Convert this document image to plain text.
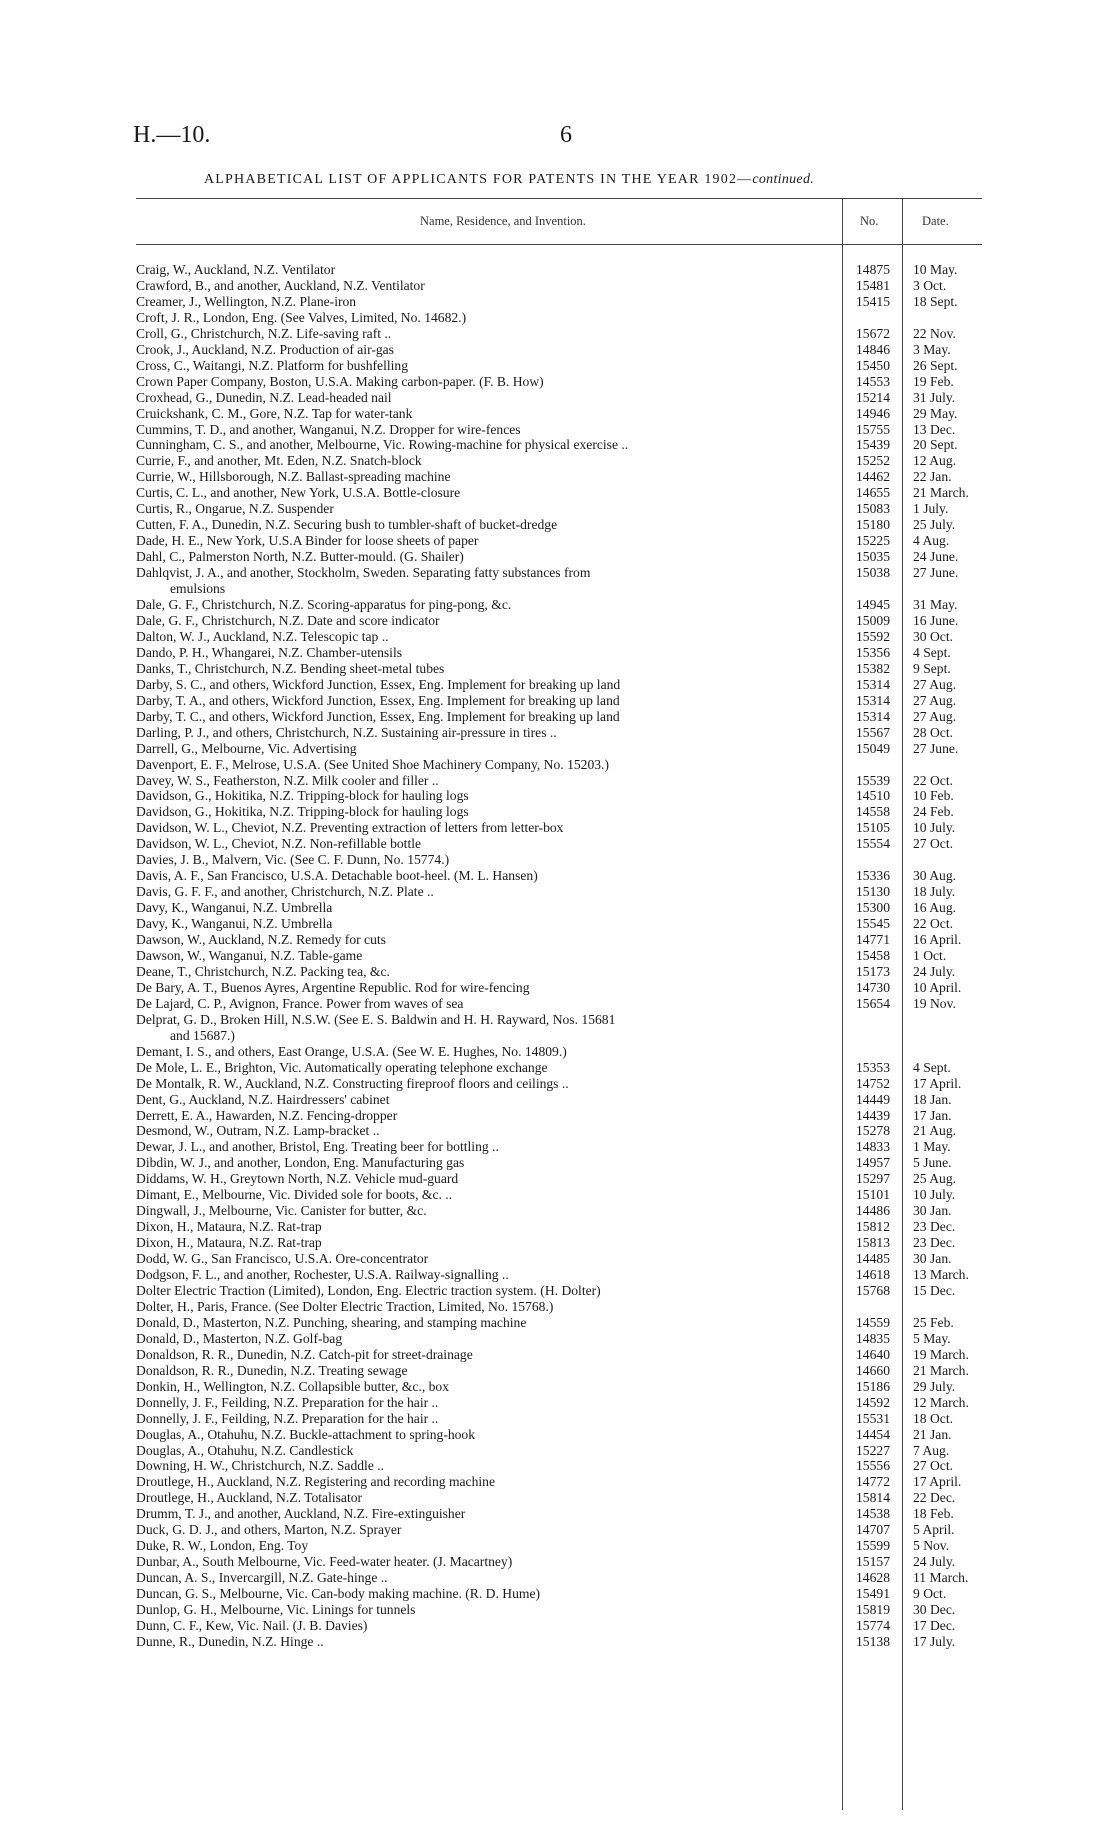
H.—10.	6
ALPHABETICAL LIST OF APPLICANTS FOR PATENTS IN THE YEAR 1902—continued.
Name, Residence, and Invention.	No.	Date.
Craig, W., Auckland, N.Z. Ventilator	14875	10 May.
Crawford, B., and another, Auckland, N.Z. Ventilator	15481	3 Oct.
Creamer, J., Wellington, N.Z. Plane-iron	15415	18 Sept.
Croft, J. R., London, Eng. (See Valves, Limited, No. 14682.)
Croll, G., Christchurch, N.Z. Life-saving raft ..	15672	22 Nov.
Crook, J., Auckland, N.Z. Production of air-gas	14846	3 May.
Cross, C., Waitangi, N.Z. Platform for bushfelling	15450	26 Sept.
Crown Paper Company, Boston, U.S.A. Making carbon-paper. (F. B. How)	14553	19 Feb.
Croxhead, G., Dunedin, N.Z. Lead-headed nail	15214	31 July.
Cruickshank, C. M., Gore, N.Z. Tap for water-tank	14946	29 May.
Cummins, T. D., and another, Wanganui, N.Z. Dropper for wire-fences	15755	13 Dec.
Cunningham, C. S., and another, Melbourne, Vic. Rowing-machine for physical exercise ..	15439	20 Sept.
Currie, F., and another, Mt. Eden, N.Z. Snatch-block	15252	12 Aug.
Currie, W., Hillsborough, N.Z. Ballast-spreading machine	14462	22 Jan.
Curtis, C. L., and another, New York, U.S.A. Bottle-closure	14655	21 March.
Curtis, R., Ongarue, N.Z. Suspender	15083	1 July.
Cutten, F. A., Dunedin, N.Z. Securing bush to tumbler-shaft of bucket-dredge	15180	25 July.
Dade, H. E., New York, U.S.A Binder for loose sheets of paper	15225	4 Aug.
Dahl, C., Palmerston North, N.Z. Butter-mould. (G. Shailer)	15035	24 June.
Dahlqvist, J. A., and another, Stockholm, Sweden. Separating fatty substances from	15038	27 June.
emulsions
Dale, G. F., Christchurch, N.Z. Scoring-apparatus for ping-pong, &c.	14945	31 May.
Dale, G. F., Christchurch, N.Z. Date and score indicator	15009	16 June.
Dalton, W. J., Auckland, N.Z. Telescopic tap ..	15592	30 Oct.
Dando, P. H., Whangarei, N.Z. Chamber-utensils	15356	4 Sept.
Danks, T., Christchurch, N.Z. Bending sheet-metal tubes	15382	9 Sept.
Darby, S. C., and others, Wickford Junction, Essex, Eng. Implement for breaking up land	15314	27 Aug.
Darby, T. A., and others, Wickford Junction, Essex, Eng. Implement for breaking up land	15314	27 Aug.
Darby, T. C., and others, Wickford Junction, Essex, Eng. Implement for breaking up land	15314	27 Aug.
Darling, P. J., and others, Christchurch, N.Z. Sustaining air-pressure in tires ..	15567	28 Oct.
Darrell, G., Melbourne, Vic. Advertising	15049	27 June.
Davenport, E. F., Melrose, U.S.A. (See United Shoe Machinery Company, No. 15203.)
Davey, W. S., Featherston, N.Z. Milk cooler and filler ..	15539	22 Oct.
Davidson, G., Hokitika, N.Z. Tripping-block for hauling logs	14510	10 Feb.
Davidson, G., Hokitika, N.Z. Tripping-block for hauling logs	14558	24 Feb.
Davidson, W. L., Cheviot, N.Z. Preventing extraction of letters from letter-box	15105	10 July.
Davidson, W. L., Cheviot, N.Z. Non-refillable bottle	15554	27 Oct.
Davies, J. B., Malvern, Vic. (See C. F. Dunn, No. 15774.)
Davis, A. F., San Francisco, U.S.A. Detachable boot-heel. (M. L. Hansen)	15336	30 Aug.
Davis, G. F. F., and another, Christchurch, N.Z. Plate ..	15130	18 July.
Davy, K., Wanganui, N.Z. Umbrella	15300	16 Aug.
Davy, K., Wanganui, N.Z. Umbrella	15545	22 Oct.
Dawson, W., Auckland, N.Z. Remedy for cuts	14771	16 April.
Dawson, W., Wanganui, N.Z. Table-game	15458	1 Oct.
Deane, T., Christchurch, N.Z. Packing tea, &c.	15173	24 July.
De Bary, A. T., Buenos Ayres, Argentine Republic. Rod for wire-fencing	14730	10 April.
De Lajard, C. P., Avignon, France. Power from waves of sea	15654	19 Nov.
Delprat, G. D., Broken Hill, N.S.W. (See E. S. Baldwin and H. H. Rayward, Nos. 15681
and 15687.)
Demant, I. S., and others, East Orange, U.S.A. (See W. E. Hughes, No. 14809.)
De Mole, L. E., Brighton, Vic. Automatically operating telephone exchange	15353	4 Sept.
De Montalk, R. W., Auckland, N.Z. Constructing fireproof floors and ceilings ..	14752	17 April.
Dent, G., Auckland, N.Z. Hairdressers' cabinet	14449	18 Jan.
Derrett, E. A., Hawarden, N.Z. Fencing-dropper	14439	17 Jan.
Desmond, W., Outram, N.Z. Lamp-bracket ..	15278	21 Aug.
Dewar, J. L., and another, Bristol, Eng. Treating beer for bottling ..	14833	1 May.
Dibdin, W. J., and another, London, Eng. Manufacturing gas	14957	5 June.
Diddams, W. H., Greytown North, N.Z. Vehicle mud-guard	15297	25 Aug.
Dimant, E., Melbourne, Vic. Divided sole for boots, &c. ..	15101	10 July.
Dingwall, J., Melbourne, Vic. Canister for butter, &c.	14486	30 Jan.
Dixon, H., Mataura, N.Z. Rat-trap	15812	23 Dec.
Dixon, H., Mataura, N.Z. Rat-trap	15813	23 Dec.
Dodd, W. G., San Francisco, U.S.A. Ore-concentrator	14485	30 Jan.
Dodgson, F. L., and another, Rochester, U.S.A. Railway-signalling ..	14618	13 March.
Dolter Electric Traction (Limited), London, Eng. Electric traction system. (H. Dolter)	15768	15 Dec.
Dolter, H., Paris, France. (See Dolter Electric Traction, Limited, No. 15768.)
Donald, D., Masterton, N.Z. Punching, shearing, and stamping machine	14559	25 Feb.
Donald, D., Masterton, N.Z. Golf-bag	14835	5 May.
Donaldson, R. R., Dunedin, N.Z. Catch-pit for street-drainage	14640	19 March.
Donaldson, R. R., Dunedin, N.Z. Treating sewage	14660	21 March.
Donkin, H., Wellington, N.Z. Collapsible butter, &c., box	15186	29 July.
Donnelly, J. F., Feilding, N.Z. Preparation for the hair ..	14592	12 March.
Donnelly, J. F., Feilding, N.Z. Preparation for the hair ..	15531	18 Oct.
Douglas, A., Otahuhu, N.Z. Buckle-attachment to spring-hook	14454	21 Jan.
Douglas, A., Otahuhu, N.Z. Candlestick	15227	7 Aug.
Downing, H. W., Christchurch, N.Z. Saddle ..	15556	27 Oct.
Droutlege, H., Auckland, N.Z. Registering and recording machine	14772	17 April.
Droutlege, H., Auckland, N.Z. Totalisator	15814	22 Dec.
Drumm, T. J., and another, Auckland, N.Z. Fire-extinguisher	14538	18 Feb.
Duck, G. D. J., and others, Marton, N.Z. Sprayer	14707	5 April.
Duke, R. W., London, Eng. Toy	15599	5 Nov.
Dunbar, A., South Melbourne, Vic. Feed-water heater. (J. Macartney)	15157	24 July.
Duncan, A. S., Invercargill, N.Z. Gate-hinge ..	14628	11 March.
Duncan, G. S., Melbourne, Vic. Can-body making machine. (R. D. Hume)	15491	9 Oct.
Dunlop, G. H., Melbourne, Vic. Linings for tunnels	15819	30 Dec.
Dunn, C. F., Kew, Vic. Nail. (J. B. Davies)	15774	17 Dec.
Dunne, R., Dunedin, N.Z. Hinge ..	15138	17 July.
